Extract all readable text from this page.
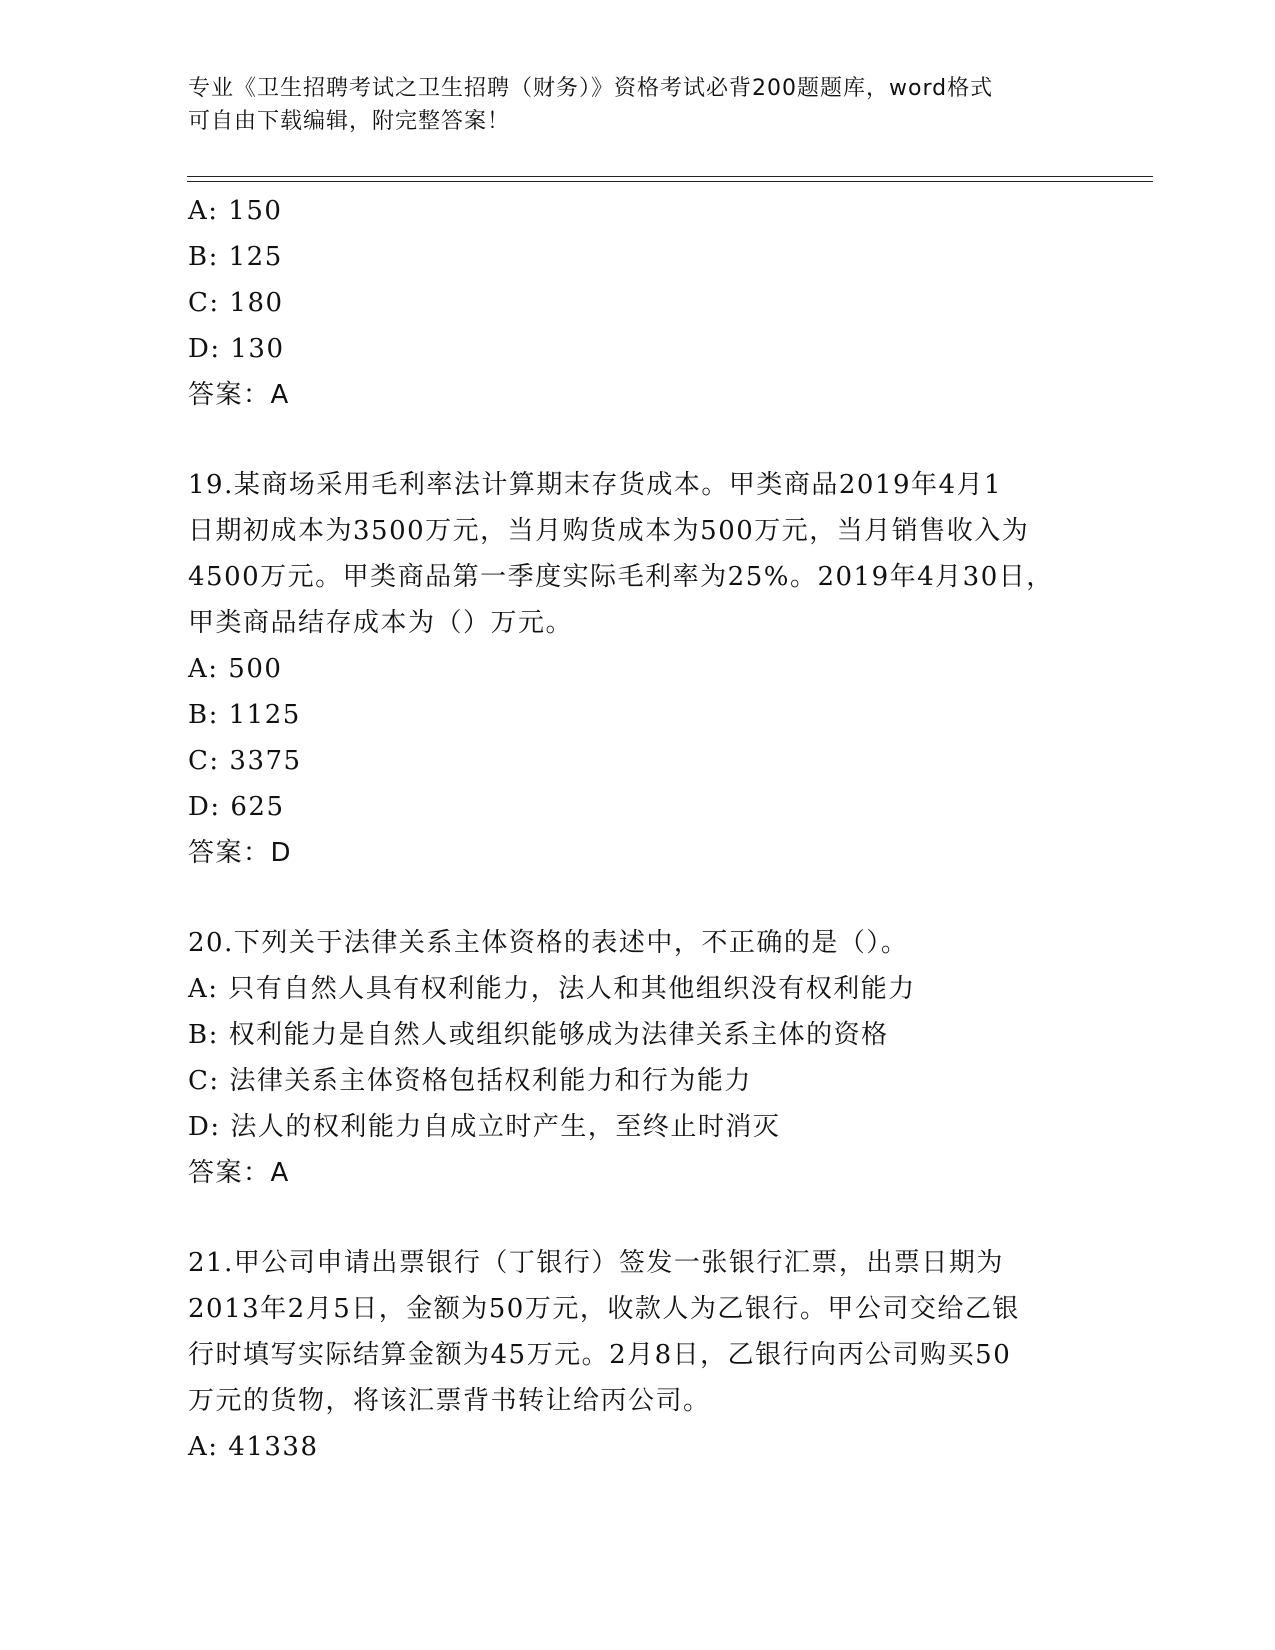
专业《卫生招聘考试之卫生招聘（财务）》资格考试必背200题题库，word格式
可自由下载编辑，附完整答案！
A: 150
B: 125
C: 180
D: 130
答案：A
19.某商场采用毛利率法计算期末存货成本。甲类商品2019年4月1
日期初成本为3500万元，当月购货成本为500万元，当月销售收入为
4500万元。甲类商品第一季度实际毛利率为25%。2019年4月30日，
甲类商品结存成本为（）万元。
A: 500
B: 1125
C: 3375
D: 625
答案：D
20.下列关于法律关系主体资格的表述中，不正确的是（）。
A: 只有自然人具有权利能力，法人和其他组织没有权利能力
B: 权利能力是自然人或组织能够成为法律关系主体的资格
C: 法律关系主体资格包括权利能力和行为能力
D: 法人的权利能力自成立时产生，至终止时消灭
答案：A
21.甲公司申请出票银行（丁银行）签发一张银行汇票，出票日期为
2013年2月5日，金额为50万元，收款人为乙银行。甲公司交给乙银
行时填写实际结算金额为45万元。2月8日，乙银行向丙公司购买50
万元的货物，将该汇票背书转让给丙公司。
A: 41338
